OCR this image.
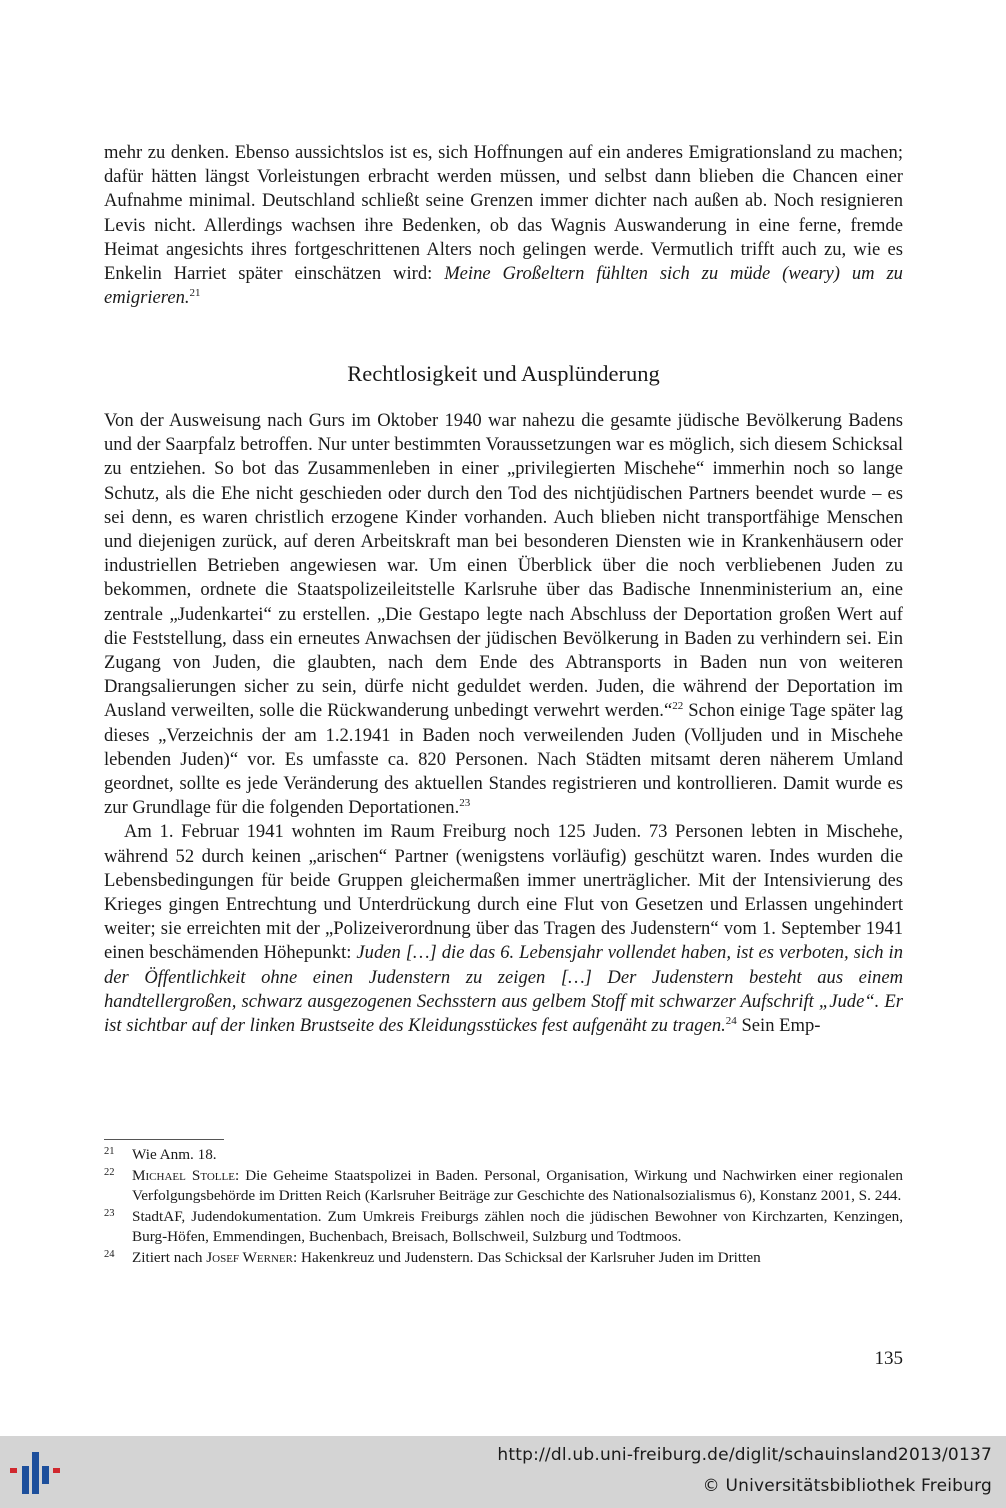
mehr zu denken. Ebenso aussichtslos ist es, sich Hoffnungen auf ein anderes Emigrationsland zu machen; dafür hätten längst Vorleistungen erbracht werden müssen, und selbst dann blieben die Chancen einer Aufnahme minimal. Deutschland schließt seine Grenzen immer dichter nach außen ab. Noch resignieren Levis nicht. Allerdings wachsen ihre Bedenken, ob das Wagnis Auswanderung in eine ferne, fremde Heimat angesichts ihres fortgeschrittenen Alters noch gelingen werde. Vermutlich trifft auch zu, wie es Enkelin Harriet später einschätzen wird: Meine Großeltern fühlten sich zu müde (weary) um zu emigrieren.$^{21}$

Rechtlosigkeit und Ausplünderung

Von der Ausweisung nach Gurs im Oktober 1940 war nahezu die gesamte jüdische Bevölkerung Badens und der Saarpfalz betroffen. Nur unter bestimmten Voraussetzungen war es möglich, sich diesem Schicksal zu entziehen. So bot das Zusammenleben in einer „privilegierten Mischehe“ immerhin noch so lange Schutz, als die Ehe nicht geschieden oder durch den Tod des nichtjüdischen Partners beendet wurde – es sei denn, es waren christlich erzogene Kinder vorhanden. Auch blieben nicht transportfähige Menschen und diejenigen zurück, auf deren Arbeitskraft man bei besonderen Diensten wie in Krankenhäusern oder industriellen Betrieben angewiesen war. Um einen Überblick über die noch verbliebenen Juden zu bekommen, ordnete die Staatspolizeileitstelle Karlsruhe über das Badische Innenministerium an, eine zentrale „Judenkartei“ zu erstellen. „Die Gestapo legte nach Abschluss der Deportation großen Wert auf die Feststellung, dass ein erneutes Anwachsen der jüdischen Bevölkerung in Baden zu verhindern sei. Ein Zugang von Juden, die glaubten, nach dem Ende des Abtransports in Baden nun von weiteren Drangsalierungen sicher zu sein, dürfe nicht geduldet werden. Juden, die während der Deportation im Ausland verweilten, solle die Rückwanderung unbedingt verwehrt werden.“$^{22}$ Schon einige Tage später lag dieses „Verzeichnis der am 1.2.1941 in Baden noch verweilenden Juden (Volljuden und in Mischehe lebenden Juden)“ vor. Es umfasste ca. 820 Personen. Nach Städten mitsamt deren näherem Umland geordnet, sollte es jede Veränderung des aktuellen Standes registrieren und kontrollieren. Damit wurde es zur Grundlage für die folgenden Deportationen.$^{23}$

Am 1. Februar 1941 wohnten im Raum Freiburg noch 125 Juden. 73 Personen lebten in Mischehe, während 52 durch keinen „arischen“ Partner (wenigstens vorläufig) geschützt waren. Indes wurden die Lebensbedingungen für beide Gruppen gleichermaßen immer unerträglicher. Mit der Intensivierung des Krieges gingen Entrechtung und Unterdrückung durch eine Flut von Gesetzen und Erlassen ungehindert weiter; sie erreichten mit der „Polizeiverordnung über das Tragen des Judenstern“ vom 1. September 1941 einen beschämenden Höhepunkt: Juden […] die das 6. Lebensjahr vollendet haben, ist es verboten, sich in der Öffentlichkeit ohne einen Judenstern zu zeigen […] Der Judenstern besteht aus einem handtellergroßen, schwarz ausgezogenen Sechsstern aus gelbem Stoff mit schwarzer Aufschrift „Jude“. Er ist sichtbar auf der linken Brustseite des Kleidungsstückes fest aufgenäht zu tragen.$^{24}$ Sein Emp-

21 Wie Anm. 18.
22 Michael Stolle: Die Geheime Staatspolizei in Baden. Personal, Organisation, Wirkung und Nachwirken einer regionalen Verfolgungsbehörde im Dritten Reich (Karlsruher Beiträge zur Geschichte des Nationalsozialismus 6), Konstanz 2001, S. 244.
23 StadtAF, Judendokumentation. Zum Umkreis Freiburgs zählen noch die jüdischen Bewohner von Kirchzarten, Kenzingen, Burg-Höfen, Emmendingen, Buchenbach, Breisach, Bollschweil, Sulzburg und Todtmoos.
24 Zitiert nach Josef Werner: Hakenkreuz und Judenstern. Das Schicksal der Karlsruher Juden im Dritten
135
http://dl.ub.uni-freiburg.de/diglit/schauinsland2013/0137
© Universitätsbibliothek Freiburg
